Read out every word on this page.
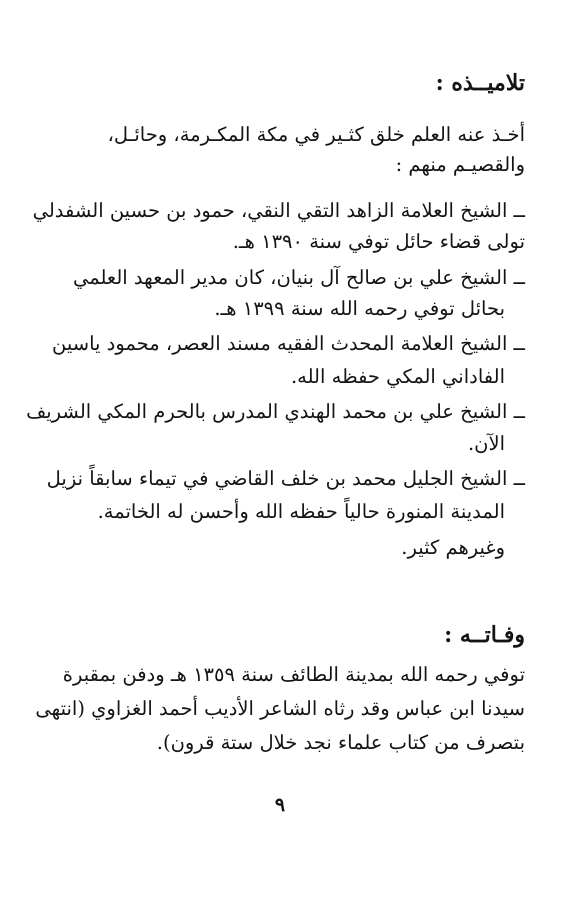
تلاميــذه :
أخـذ عنه العلم خلق كثـير في مكة المكـرمة، وحائـل،
والقصيـم منهم :
ــ الشيخ العلامة الزاهد التقي النقي، حمود بن حسين الشفدلي
تولى قضاء حائل توفي سنة ١٣٩٠ هـ.
ــ الشيخ علي بن صالح آل بنيان، كان مدير المعهد العلمي
بحائل توفي رحمه الله سنة ١٣٩٩ هـ.
ــ الشيخ العلامة المحدث الفقيه مسند العصر، محمود ياسين
الفاداني المكي حفظه الله.
ــ الشيخ علي بن محمد الهندي المدرس بالحرم المكي الشريف
الآن.
ــ الشيخ الجليل محمد بن خلف القاضي في تيماء سابقاً نزيل
المدينة المنورة حالياً حفظه الله وأحسن له الخاتمة.
وغيرهم كثير.
وفـاتــه :
توفي رحمه الله بمدينة الطائف سنة ١٣٥٩ هـ ودفن بمقبرة
سيدنا ابن عباس وقد رثاه الشاعر الأديب أحمد الغزاوي (انتهى
بتصرف من كتاب علماء نجد خلال ستة قرون).
٩
